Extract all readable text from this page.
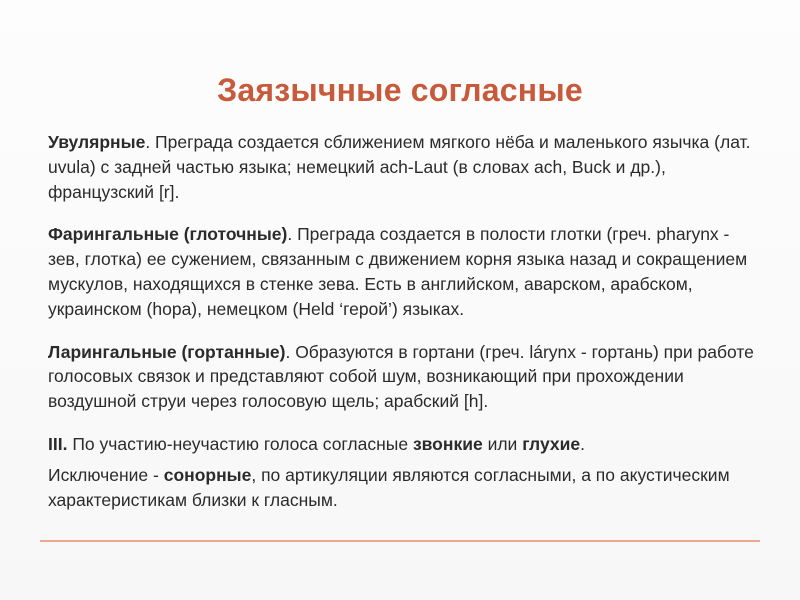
Заязычные согласные

Увулярные. Преграда создается сближением мягкого нёба и маленького язычка (лат. uvula) с задней частью языка; немецкий ach-Laut (в словах ach, Buck и др.), французский [r].

Фарингальные (глоточные). Преграда создается в полости глотки (греч. pharynx - зев, глотка) ее сужением, связанным с движением корня языка назад и сокращением мускулов, находящихся в стенке зева. Есть в английском, аварском, арабском, украинском (hора), немецком (Held ‘герой’) языках.

Ларингальные (гортанные). Образуются в гортани (греч. lárynx - гортань) при работе голосовых связок и представляют собой шум, возникающий при прохождении воздушной струи через голосовую щель; арабский [h].

III. По участию-неучастию голоса согласные звонкие или глухие.

Исключение - сонорные, по артикуляции являются согласными, а по акустическим характеристикам близки к гласным.
